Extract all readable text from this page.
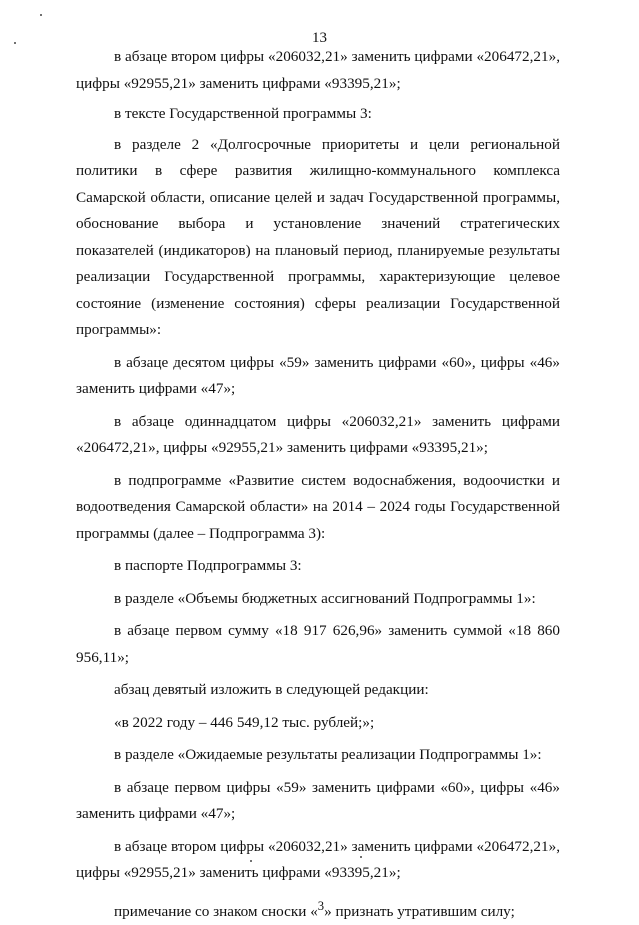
13

в абзаце втором цифры «206032,21» заменить цифрами «206472,21», цифры «92955,21» заменить цифрами «93395,21»;

в тексте Государственной программы 3:

в разделе 2 «Долгосрочные приоритеты и цели региональной политики в сфере развития жилищно-коммунального комплекса Самарской области, описание целей и задач Государственной программы, обоснование выбора и установление значений стратегических показателей (индикаторов) на плановый период, планируемые результаты реализации Государственной программы, характеризующие целевое состояние (изменение состояния) сферы реализации Государственной программы»:

в абзаце десятом цифры «59» заменить цифрами «60», цифры «46» заменить цифрами «47»;

в абзаце одиннадцатом цифры «206032,21» заменить цифрами «206472,21», цифры «92955,21» заменить цифрами «93395,21»;

в подпрограмме «Развитие систем водоснабжения, водоочистки и водоотведения Самарской области» на 2014 – 2024 годы Государственной программы (далее – Подпрограмма 3):

в паспорте Подпрограммы 3:

в разделе «Объемы бюджетных ассигнований Подпрограммы 1»:

в абзаце первом сумму «18 917 626,96» заменить суммой «18 860 956,11»;

абзац девятый изложить в следующей редакции:

«в 2022 году – 446 549,12 тыс. рублей;»;

в разделе «Ожидаемые результаты реализации Подпрограммы 1»:

в абзаце первом цифры «59» заменить цифрами «60», цифры «46» заменить цифрами «47»;

в абзаце втором цифры «206032,21» заменить цифрами «206472,21», цифры «92955,21» заменить цифрами «93395,21»;

примечание со знаком сноски «$^3$» признать утратившим силу;
